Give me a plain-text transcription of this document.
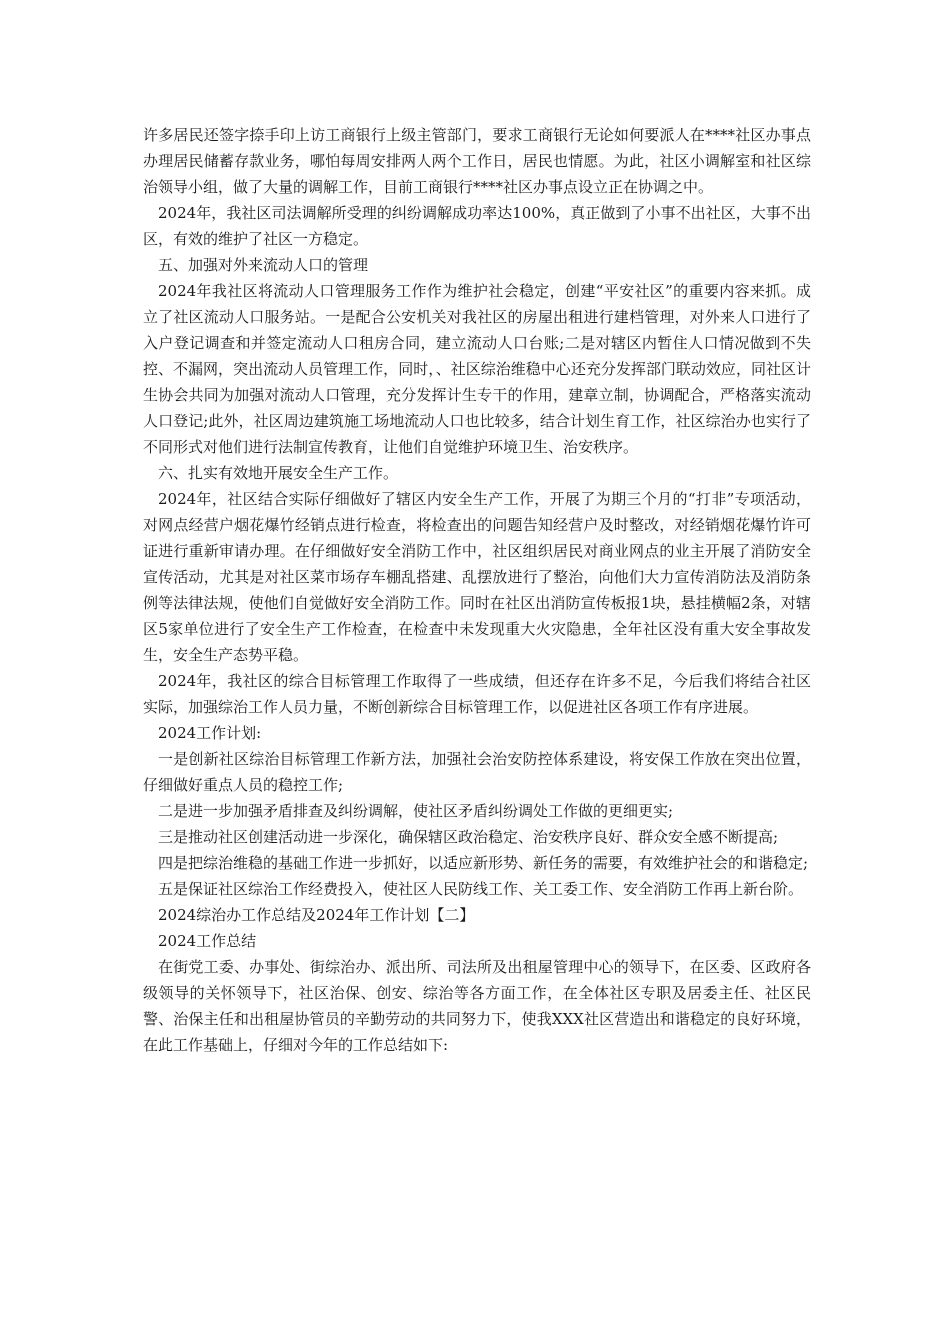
许多居民还签字捺手印上访工商银行上级主管部门，要求工商银行无论如何要派人在****社区办事点办理居民储蓄存款业务，哪怕每周安排两人两个工作日，居民也情愿。为此，社区小调解室和社区综治领导小组，做了大量的调解工作，目前工商银行****社区办事点设立正在协调之中。

2024年，我社区司法调解所受理的纠纷调解成功率达100%，真正做到了小事不出社区，大事不出区，有效的维护了社区一方稳定。

五、加强对外来流动人口的管理

2024年我社区将流动人口管理服务工作作为维护社会稳定，创建“平安社区”的重要内容来抓。成立了社区流动人口服务站。一是配合公安机关对我社区的房屋出租进行建档管理，对外来人口进行了入户登记调查和并签定流动人口租房合同，建立流动人口台账;二是对辖区内暂住人口情况做到不失控、不漏网，突出流动人员管理工作，同时，、社区综治维稳中心还充分发挥部门联动效应，同社区计生协会共同为加强对流动人口管理，充分发挥计生专干的作用，建章立制，协调配合，严格落实流动人口登记;此外，社区周边建筑施工场地流动人口也比较多，结合计划生育工作，社区综治办也实行了不同形式对他们进行法制宣传教育，让他们自觉维护环境卫生、治安秩序。

六、扎实有效地开展安全生产工作。

2024年，社区结合实际仔细做好了辖区内安全生产工作，开展了为期三个月的“打非”专项活动，对网点经营户烟花爆竹经销点进行检查，将检查出的问题告知经营户及时整改，对经销烟花爆竹许可证进行重新审请办理。在仔细做好安全消防工作中，社区组织居民对商业网点的业主开展了消防安全宣传活动，尤其是对社区菜市场存车棚乱搭建、乱摆放进行了整治，向他们大力宣传消防法及消防条例等法律法规，使他们自觉做好安全消防工作。同时在社区出消防宣传板报1块，悬挂横幅2条，对辖区5家单位进行了安全生产工作检查，在检查中未发现重大火灾隐患，全年社区没有重大安全事故发生，安全生产态势平稳。

2024年，我社区的综合目标管理工作取得了一些成绩，但还存在许多不足，今后我们将结合社区实际，加强综治工作人员力量，不断创新综合目标管理工作，以促进社区各项工作有序进展。

2024工作计划:

一是创新社区综治目标管理工作新方法，加强社会治安防控体系建设，将安保工作放在突出位置，仔细做好重点人员的稳控工作;

二是进一步加强矛盾排查及纠纷调解，使社区矛盾纠纷调处工作做的更细更实;

三是推动社区创建活动进一步深化，确保辖区政治稳定、治安秩序良好、群众安全感不断提高;

四是把综治维稳的基础工作进一步抓好，以适应新形势、新任务的需要，有效维护社会的和谐稳定;

五是保证社区综治工作经费投入，使社区人民防线工作、关工委工作、安全消防工作再上新台阶。

2024综治办工作总结及2024年工作计划【二】

2024工作总结

在街党工委、办事处、街综治办、派出所、司法所及出租屋管理中心的领导下，在区委、区政府各级领导的关怀领导下，社区治保、创安、综治等各方面工作，在全体社区专职及居委主任、社区民警、治保主任和出租屋协管员的辛勤劳动的共同努力下，使我XXX社区营造出和谐稳定的良好环境，在此工作基础上，仔细对今年的工作总结如下:
